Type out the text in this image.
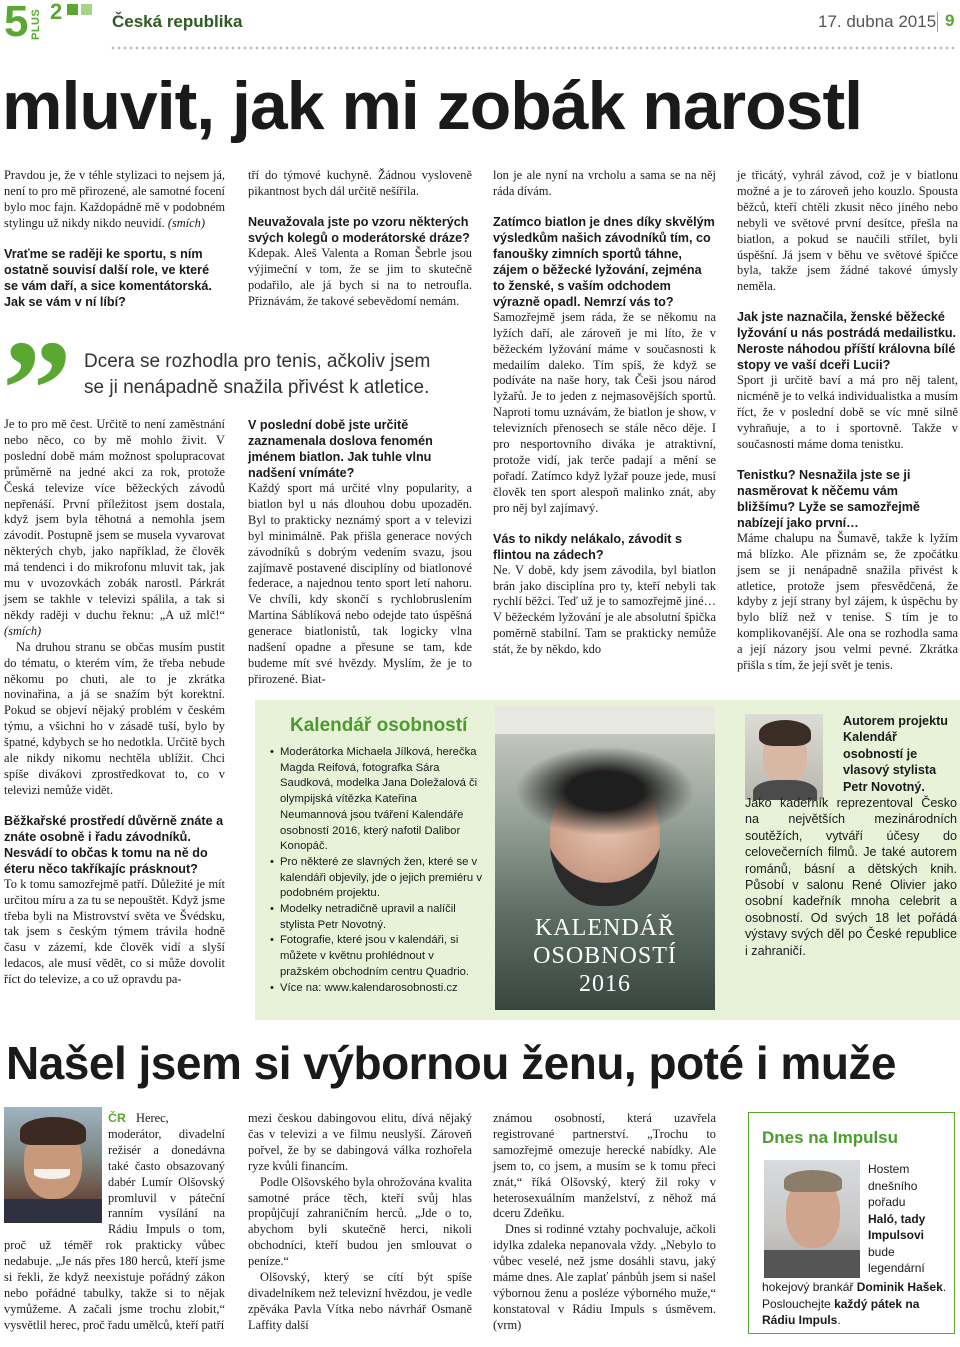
5 PLUS 2	Česká republika	17. dubna 2015 9
mluvit, jak mi zobák narostl

Pravdou je, že v téhle stylizaci to nejsem já, není to pro mě přirozené, ale samotné focení bylo moc fajn. Každopádně mě v podobném stylingu už nikdy nikdo neuvidí. (smích)

Vraťme se raději ke sportu, s ním ostatně souvisí další role, ve které se vám daří, a sice komentátorská. Jak se vám v ní líbí?

tří do týmové kuchyně. Žádnou vysloveně pikantnost bych dál určitě nešířila.

Neuvažovala jste po vzoru některých svých kolegů o moderátorské dráze?

Kdepak. Aleš Valenta a Roman Šebrle jsou výjimeční v tom, že se jim to skutečně podařilo, ale já bych si na to netroufla. Přiznávám, že takové sebevědomí nemám.

” Dcera se rozhodla pro tenis, ačkoliv jsem
se ji nenápadně snažila přivést k atletice.

Je to pro mě čest. Určitě to není zaměstnání nebo něco, co by mě mohlo živit. V poslední době mám možnost spolupracovat průměrně na jedné akci za rok, protože Česká televize více běžeckých závodů nepřenáší. První příležitost jsem dostala, když jsem byla těhotná a nemohla jsem závodit. Postupně jsem se musela vyvarovat některých chyb, jako například, že člověk má tendenci i do mikrofonu mluvit tak, jak mu v uvozovkách zobák narostl. Párkrát jsem se takhle v televizi spálila, a tak si někdy raději v duchu řeknu: „A už mlč!“ (smích)

Na druhou stranu se občas musím pustit do tématu, o kterém vím, že třeba nebude někomu po chuti, ale to je zkrátka novinařina, a já se snažím být korektní. Pokud se objeví nějaký problém v českém týmu, a všichni ho v zásadě tuší, bylo by špatné, kdybych se ho nedotkla. Určitě bych ale nikdy nikomu nechtěla ublížit. Chci spíše divákovi zprostředkovat to, co v televizi nemůže vidět.

Běžkařské prostředí důvěrně znáte a znáte osobně i řadu závodníků. Nesvádí to občas k tomu na ně do éteru něco takříkajíc prásknout?

To k tomu samozřejmě patří. Důležité je mít určitou míru a za tu se nepouštět. Když jsme třeba byli na Mistrovství světa ve Švédsku, tak jsem s českým týmem trávila hodně času v zázemí, kde člověk vidí a slyší ledacos, ale musí vědět, co si může dovolit říct do televize, a co už opravdu pa-

V poslední době jste určitě zaznamenala doslova fenomén jménem biatlon. Jak tuhle vlnu nadšení vnímáte?

Každý sport má určité vlny popularity, a biatlon byl u nás dlouhou dobu upozaděn. Byl to prakticky neznámý sport a v televizi byl minimálně. Pak přišla generace nových závodníků s dobrým vedením svazu, jsou zajímavě postavené disciplíny od biatlonové federace, a najednou tento sport letí nahoru. Ve chvíli, kdy skončí s rychlobruslením Martina Sáblíková nebo odejde tato úspěšná generace biatlonistů, tak logicky vlna nadšení opadne a přesune se tam, kde budeme mít své hvězdy. Myslím, že je to přirozené. Biat-

lon je ale nyní na vrcholu a sama se na něj ráda dívám.

Zatímco biatlon je dnes díky skvělým výsledkům našich závodníků tím, co fanoušky zimních sportů táhne, zájem o běžecké lyžování, zejména to ženské, s vaším odchodem výrazně opadl. Nemrzí vás to?

Samozřejmě jsem ráda, že se někomu na lyžích daří, ale zároveň je mi líto, že v běžeckém lyžování máme v současnosti k medailím daleko. Tím spíš, že když se podíváte na naše hory, tak Češi jsou národ lyžařů. Je to jeden z nejmasovějších sportů. Naproti tomu uznávám, že biatlon je show, v televizních přenosech se stále něco děje. I pro nesportovního diváka je atraktivní, protože vidí, jak terče padají a mění se pořadí. Zatímco když lyžař pouze jede, musí člověk ten sport alespoň malinko znát, aby pro něj byl zajímavý.

Vás to nikdy nelákalo, závodit s flintou na zádech?

Ne. V době, kdy jsem závodila, byl biatlon brán jako disciplína pro ty, kteří nebyli tak rychlí běžci. Teď už je to samozřejmě jiné… V běžeckém lyžování je ale absolutní špička poměrně stabilní. Tam se prakticky nemůže stát, že by někdo, kdo

je třicátý, vyhrál závod, což je v biatlonu možné a je to zároveň jeho kouzlo. Spousta běžců, kteří chtěli zkusit něco jiného nebo nebyli ve světové první desítce, přešla na biatlon, a pokud se naučili střílet, byli úspěšní. Já jsem v běhu ve světové špičce byla, takže jsem žádné takové úmysly neměla.

Jak jste naznačila, ženské běžecké lyžování u nás postrádá medailistku. Neroste náhodou příští královna bílé stopy ve vaší dceři Lucii?

Sport ji určitě baví a má pro něj talent, nicméně je to velká individualistka a musím říct, že v poslední době se víc mně silně vyhraňuje, a to i sportovně. Takže v současnosti máme doma tenistku.

Tenistku? Nesnažila jste se ji nasměrovat k něčemu vám bližšímu? Lyže se samozřejmě nabízejí jako první…

Máme chalupu na Šumavě, takže k lyžím má blízko. Ale přiznám se, že zpočátku jsem se ji nenápadně snažila přivést k atletice, protože jsem přesvědčená, že kdyby z její strany byl zájem, k úspěchu by bylo blíž než v tenise. S tím je to komplikovanější. Ale ona se rozhodla sama a její názory jsou velmi pevné. Zkrátka přišla s tím, že její svět je tenis.

Kalendář osobností
• Moderátorka Michaela Jílková, herečka Magda Reifová, fotografka Sára Saudková, modelka Jana Doležalová či olympijská vítězka Kateřina Neumannová jsou tváření Kalendáře osobností 2016, který nafotil Dalibor Konopáč.
• Pro některé ze slavných žen, které se v kalendáři objevily, jde o jejich premiéru v podobném projektu.
• Modelky netradičně upravil a nalíčil stylista Petr Novotný.
• Fotografie, které jsou v kalendáři, si můžete v květnu prohlédnout v pražském obchodním centru Quadrio.
• Více na: www.kalendarosobnosti.cz
KALENDÁŘ
OSOBNOSTÍ
2016
Autorem projektu Kalendář osobností je vlasový stylista Petr Novotný.
Jako kadeřník reprezentoval Česko na největších mezinárodních soutěžích, vytváří účesy do celovečerních filmů. Je také autorem románů, básní a dětských knih. Působí v salonu René Olivier jako osobní kadeřník mnoha celebrit a osobností. Od svých 18 let pořádá výstavy svých děl po České republice i zahraničí.
Našel jsem si výbornou ženu, poté i muže

ČR Herec, moderátor, divadelní režisér a donedávna také často obsazovaný dabér Lumír Olšovský promluvil v páteční ranním vysílání na Rádiu Impuls o tom, proč už téměř rok prakticky vůbec nedabuje. „Je nás přes 180 herců, kteří jsme si řekli, že když neexistuje pořádný zákon nebo pořádné tabulky, takže si to nějak vymůžeme. A začali jsme trochu zlobit,“ vysvětlil herec, proč řadu umělců, kteří patří

mezi českou dabingovou elitu, dívá nějaký čas v televizi a ve filmu neuslyší. Zároveň pořvel, že by se dabingová válka rozhořela ryze kvůli financím.

Podle Olšovského byla ohrožována kvalita samotné práce těch, kteří svůj hlas propůjčují zahraničním herců. „Jde o to, abychom byli skutečně herci, nikoli obchodníci, kteří budou jen smlouvat o peníze.“

Olšovský, který se cítí být spíše divadelníkem než televizní hvězdou, je vedle zpěváka Pavla Vítka nebo návrhář Osmaně Laffity další

známou osobností, která uzavřela registrované partnerství. „Trochu to samozřejmě omezuje herecké nabídky. Ale jsem to, co jsem, a musím se k tomu přeci znát,“ říká Olšovský, který žil roky v heterosexuálním manželství, z něhož má dceru Zdeňku.

Dnes si rodinné vztahy pochvaluje, ačkoli idylka zdaleka nepanovala vždy. „Nebylo to vůbec veselé, než jsme dosáhli stavu, jaký máme dnes. Ale zaplať pánbůh jsem si našel výbornou ženu a posléze výborného muže,“ konstatoval v Rádiu Impuls s úsměvem. (vrm)

Dnes na Impulsu
Hostem dnešního pořadu
Haló, tady Impulsovi
bude legendární
hokejový brankář Dominik Hašek. Poslouchejte každý pátek na Rádiu Impuls.
